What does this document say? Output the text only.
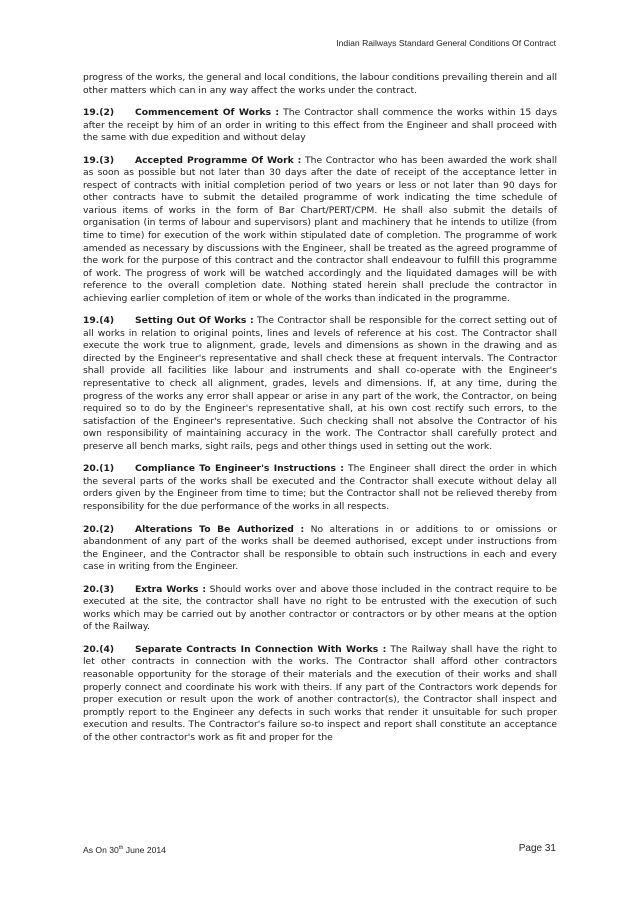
Indian Railways Standard General Conditions Of Contract

progress of the works, the general and local conditions, the labour conditions prevailing therein and all other matters which can in any way affect the works under the contract.

19.(2) Commencement Of Works : The Contractor shall commence the works within 15 days after the receipt by him of an order in writing to this effect from the Engineer and shall proceed with the same with due expedition and without delay

19.(3) Accepted Programme Of Work : The Contractor who has been awarded the work shall as soon as possible but not later than 30 days after the date of receipt of the acceptance letter in respect of contracts with initial completion period of two years or less or not later than 90 days for other contracts have to submit the detailed programme of work indicating the time schedule of various items of works in the form of Bar Chart/PERT/CPM. He shall also submit the details of organisation (in terms of labour and supervisors) plant and machinery that he intends to utilize (from time to time) for execution of the work within stipulated date of completion. The programme of work amended as necessary by discussions with the Engineer, shall be treated as the agreed programme of the work for the purpose of this contract and the contractor shall endeavour to fulfill this programme of work. The progress of work will be watched accordingly and the liquidated damages will be with reference to the overall completion date. Nothing stated herein shall preclude the contractor in achieving earlier completion of item or whole of the works than indicated in the programme.

19.(4) Setting Out Of Works : The Contractor shall be responsible for the correct setting out of all works in relation to original points, lines and levels of reference at his cost. The Contractor shall execute the work true to alignment, grade, levels and dimensions as shown in the drawing and as directed by the Engineer's representative and shall check these at frequent intervals. The Contractor shall provide all facilities like labour and instruments and shall co-operate with the Engineer's representative to check all alignment, grades, levels and dimensions. If, at any time, during the progress of the works any error shall appear or arise in any part of the work, the Contractor, on being required so to do by the Engineer's representative shall, at his own cost rectify such errors, to the satisfaction of the Engineer's representative. Such checking shall not absolve the Contractor of his own responsibility of maintaining accuracy in the work. The Contractor shall carefully protect and preserve all bench marks, sight rails, pegs and other things used in setting out the work.

20.(1) Compliance To Engineer's Instructions : The Engineer shall direct the order in which the several parts of the works shall be executed and the Contractor shall execute without delay all orders given by the Engineer from time to time; but the Contractor shall not be relieved thereby from responsibility for the due performance of the works in all respects.

20.(2) Alterations To Be Authorized : No alterations in or additions to or omissions or abandonment of any part of the works shall be deemed authorised, except under instructions from the Engineer, and the Contractor shall be responsible to obtain such instructions in each and every case in writing from the Engineer.

20.(3) Extra Works : Should works over and above those included in the contract require to be executed at the site, the contractor shall have no right to be entrusted with the execution of such works which may be carried out by another contractor or contractors or by other means at the option of the Railway.

20.(4) Separate Contracts In Connection With Works : The Railway shall have the right to let other contracts in connection with the works. The Contractor shall afford other contractors reasonable opportunity for the storage of their materials and the execution of their works and shall properly connect and coordinate his work with theirs. If any part of the Contractors work depends for proper execution or result upon the work of another contractor(s), the Contractor shall inspect and promptly report to the Engineer any defects in such works that render it unsuitable for such proper execution and results. The Contractor's failure so-to inspect and report shall constitute an acceptance of the other contractor's work as fit and proper for the

As On 30th June 2014	Page 31
